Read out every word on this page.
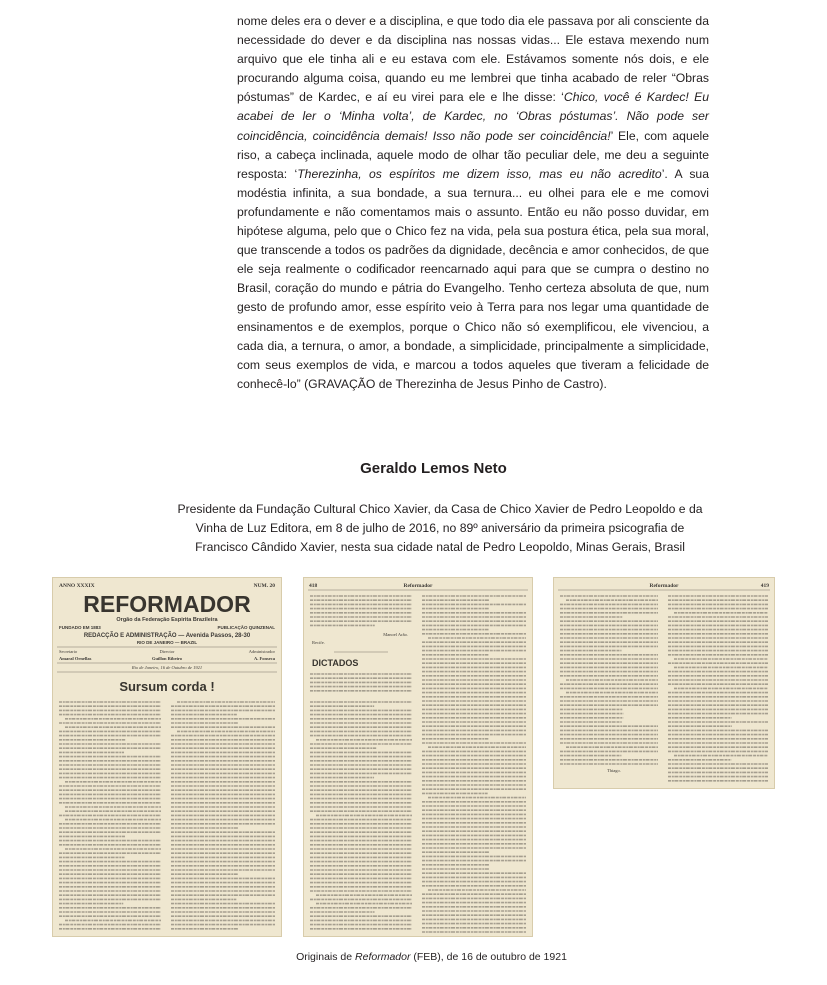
nome deles era o dever e a disciplina, e que todo dia ele passava por ali consciente da necessidade do dever e da disciplina nas nossas vidas... Ele estava mexendo num arquivo que ele tinha ali e eu estava com ele. Estávamos somente nós dois, e ele procurando alguma coisa, quando eu me lembrei que tinha acabado de reler “Obras póstumas” de Kardec, e aí eu virei para ele e lhe disse: ‘Chico, você é Kardec! Eu acabei de ler o ‘Minha volta’, de Kardec, no ‘Obras póstumas’. Não pode ser coincidência, coincidência demais! Isso não pode ser coincidência!’ Ele, com aquele riso, a cabeça inclinada, aquele modo de olhar tão peculiar dele, me deu a seguinte resposta: ‘Therezinha, os espíritos me dizem isso, mas eu não acredito’. A sua modéstia infinita, a sua bondade, a sua ternura... eu olhei para ele e me comovi profundamente e não comentamos mais o assunto. Então eu não posso duvidar, em hipótese alguma, pelo que o Chico fez na vida, pela sua postura ética, pela sua moral, que transcende a todos os padrões da dignidade, decência e amor conhecidos, de que ele seja realmente o codificador reencarnado aqui para que se cumpra o destino no Brasil, coração do mundo e pátria do Evangelho. Tenho certeza absoluta de que, num gesto de profundo amor, esse espírito veio à Terra para nos legar uma quantidade de ensinamentos e de exemplos, porque o Chico não só exemplificou, ele vivenciou, a cada dia, a ternura, o amor, a bondade, a simplicidade, principalmente a simplicidade, com seus exemplos de vida, e marcou a todos aqueles que tiveram a felicidade de conhecê-lo” (GRAVAÇÃO de Therezinha de Jesus Pinho de Castro).

Geraldo Lemos Neto

Presidente da Fundação Cultural Chico Xavier, da Casa de Chico Xavier de Pedro Leopoldo e da
Vinha de Luz Editora, em 8 de julho de 2016, no 89º aniversário da primeira psicografia de
Francisco Cândido Xavier, nesta sua cidade natal de Pedro Leopoldo, Minas Gerais, Brasil

ANNO XXXIX	NUM. 20
REFORMADOR
Orgão da Federação Espirita Brazileira
FUNDADO EM 1883	PUBLICAÇÃO QUINZENAL
REDACÇÃO E ADMINISTRAÇÃO — Avenida Passos, 28-30
RIO DE JANEIRO — BRAZIL
Secretario	Director	Administrador
Amaral Ornellas	Guillon Ribeiro	A. Fonseca
Rio de Janeiro, 16 de Outubro de 1921
Sursum corda !
418	Reformador
Manoel Arão.
Recife.
DICTADOS
Reformador	419
Thiago.

Originais de Reformador (FEB), de 16 de outubro de 1921
